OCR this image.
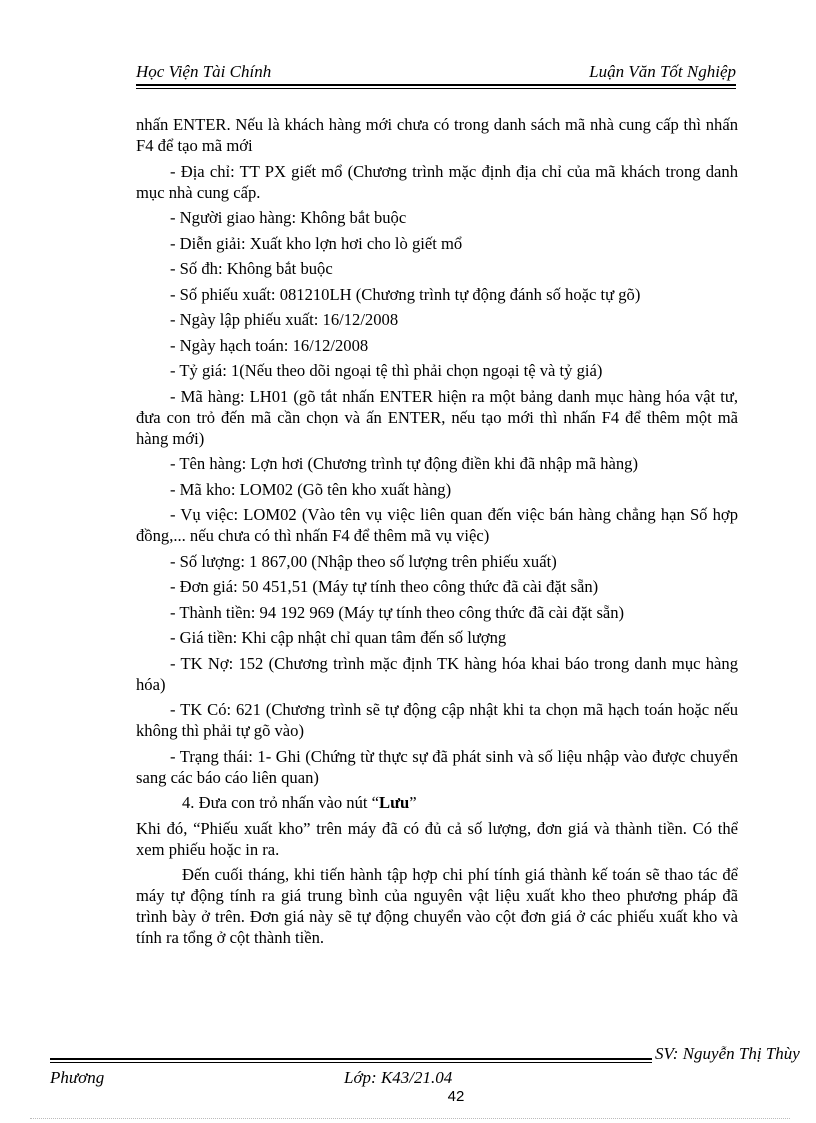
Học Viện Tài Chính	Luận Văn Tốt Nghiệp

nhấn ENTER. Nếu là khách hàng mới chưa có trong danh sách mã nhà cung cấp thì nhấn F4 để tạo mã mới

- Địa chỉ: TT PX giết mổ (Chương trình mặc định địa chỉ của mã khách trong danh mục nhà cung cấp.

- Người giao hàng: Không bắt buộc

- Diễn giải: Xuất kho lợn hơi cho lò giết mổ

- Số đh: Không bắt buộc

- Số phiếu xuất: 081210LH (Chương trình tự động đánh số hoặc tự gõ)

- Ngày lập phiếu xuất: 16/12/2008

- Ngày hạch toán: 16/12/2008

- Tỷ giá: 1(Nếu theo dõi ngoại tệ thì phải chọn ngoại tệ và tỷ giá)

- Mã hàng: LH01 (gõ tắt nhấn ENTER hiện ra một bảng danh mục hàng hóa vật tư, đưa con trỏ đến mã cần chọn và ấn ENTER, nếu tạo mới thì nhấn F4 để thêm một mã hàng mới)

- Tên hàng: Lợn hơi (Chương trình tự động điền khi đã nhập mã hàng)

- Mã kho: LOM02 (Gõ tên kho xuất hàng)

- Vụ việc: LOM02 (Vào tên vụ việc liên quan đến việc bán hàng chẳng hạn Số hợp đồng,... nếu chưa có thì nhấn F4 để thêm mã vụ việc)

- Số lượng: 1 867,00 (Nhập theo số lượng trên phiếu xuất)

- Đơn giá: 50 451,51 (Máy tự tính theo công thức đã cài đặt sẵn)

- Thành tiền: 94 192 969 (Máy tự tính theo công thức đã cài đặt sẵn)

- Giá tiền: Khi cập nhật chỉ quan tâm đến số lượng

- TK Nợ: 152 (Chương trình mặc định TK hàng hóa khai báo trong danh mục hàng hóa)

- TK Có: 621 (Chương trình sẽ tự động cập nhật khi ta chọn mã hạch toán hoặc nếu không thì phải tự gõ vào)

- Trạng thái: 1- Ghi (Chứng từ thực sự đã phát sinh và số liệu nhập vào được chuyển sang các báo cáo liên quan)

4. Đưa con trỏ nhấn vào nút “Lưu”

Khi đó, “Phiếu xuất kho” trên máy đã có đủ cả số lượng, đơn giá và thành tiền. Có thể xem phiếu hoặc in ra.

Đến cuối tháng, khi tiến hành tập hợp chi phí tính giá thành kế toán sẽ thao tác để máy tự động tính ra giá trung bình của nguyên vật liệu xuất kho theo phương pháp đã trình bày ở trên. Đơn giá này sẽ tự động chuyển vào cột đơn giá ở các phiếu xuất kho và tính ra tổng ở cột thành tiền.

SV: Nguyễn Thị Thùy
Phương	Lớp: K43/21.04
42
